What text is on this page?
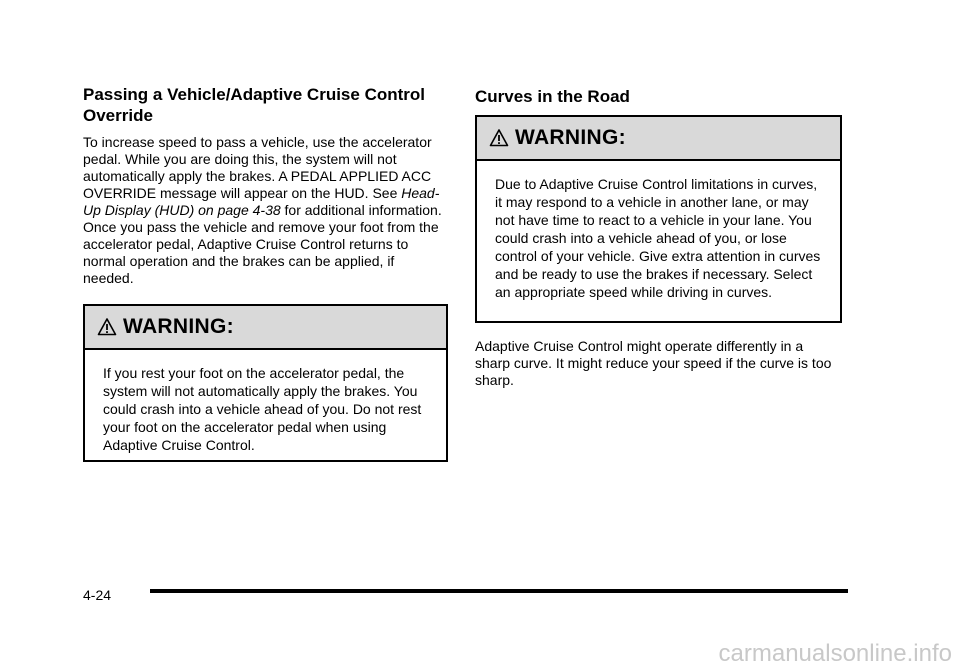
Passing a Vehicle/Adaptive Cruise Control Override

To increase speed to pass a vehicle, use the accelerator pedal. While you are doing this, the system will not automatically apply the brakes. A PEDAL APPLIED ACC OVERRIDE message will appear on the HUD. See Head-Up Display (HUD) on page 4-38 for additional information. Once you pass the vehicle and remove your foot from the accelerator pedal, Adaptive Cruise Control returns to normal operation and the brakes can be applied, if needed.

WARNING:

If you rest your foot on the accelerator pedal, the system will not automatically apply the brakes. You could crash into a vehicle ahead of you. Do not rest your foot on the accelerator pedal when using Adaptive Cruise Control.

Curves in the Road
WARNING:

Due to Adaptive Cruise Control limitations in curves, it may respond to a vehicle in another lane, or may not have time to react to a vehicle in your lane. You could crash into a vehicle ahead of you, or lose control of your vehicle. Give extra attention in curves and be ready to use the brakes if necessary. Select an appropriate speed while driving in curves.

Adaptive Cruise Control might operate differently in a sharp curve. It might reduce your speed if the curve is too sharp.

4-24
carmanualsonline.info
